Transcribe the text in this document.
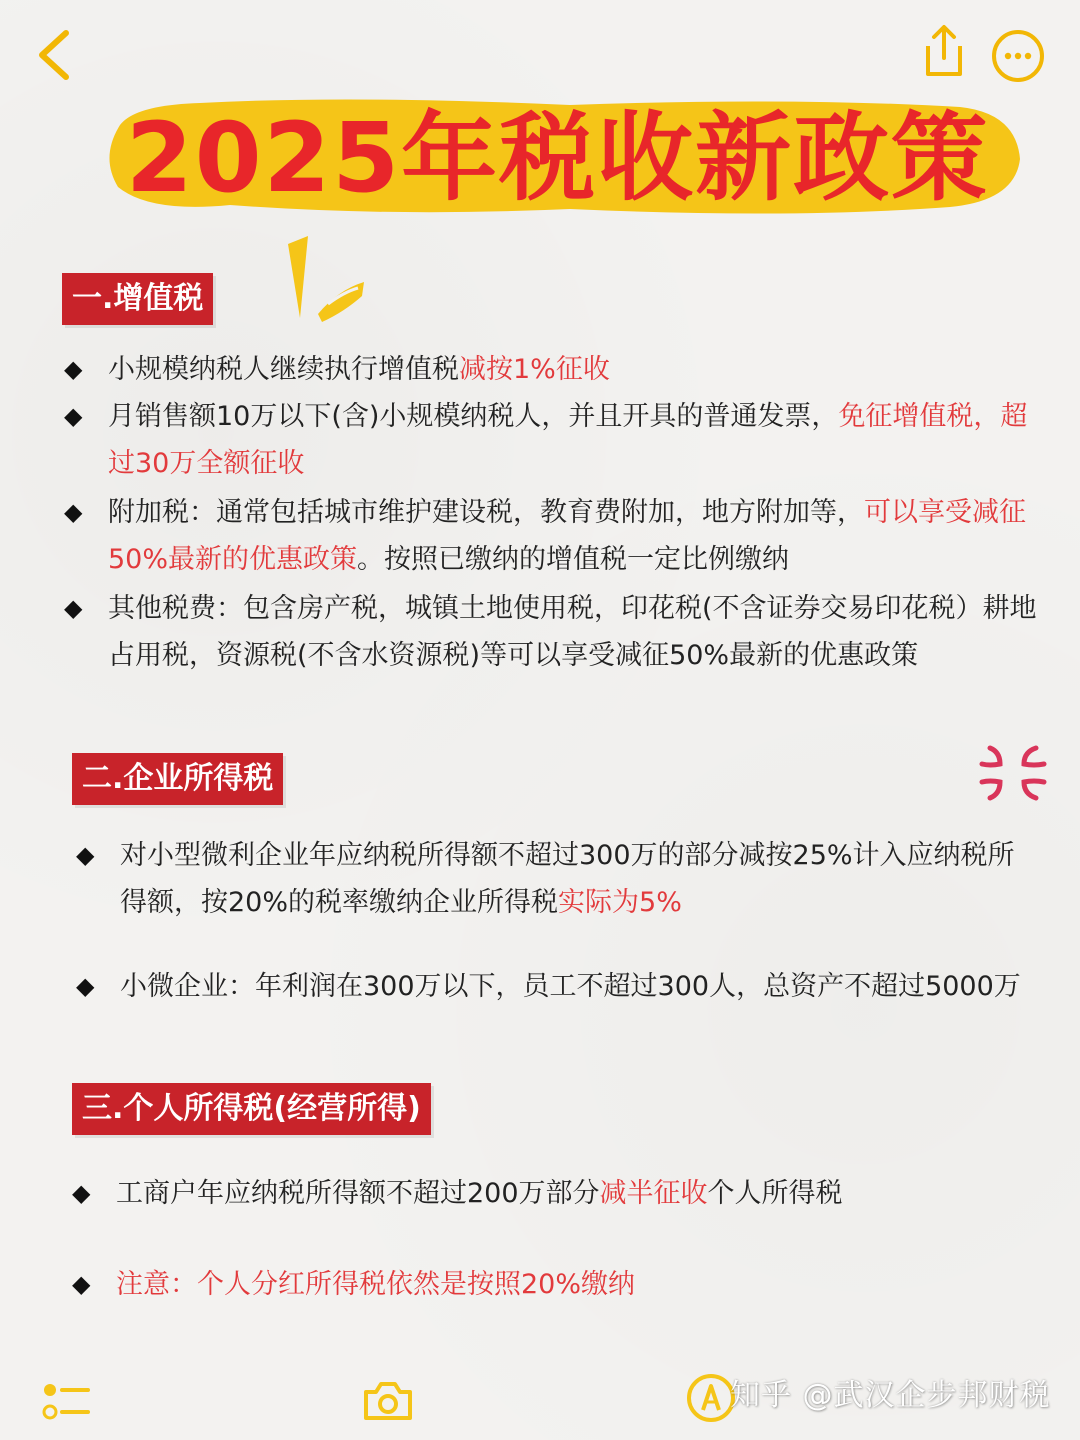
2025年税收新政策
一.增值税
◆ 小规模纳税人继续执行增值税减按1%征收
◆ 月销售额10万以下(含)小规模纳税人，并且开具的普通发票，免征增值税，超过30万全额征收
◆ 附加税：通常包括城市维护建设税，教育费附加，地方附加等，可以享受减征50%最新的优惠政策。按照已缴纳的增值税一定比例缴纳
◆ 其他税费：包含房产税，城镇土地使用税，印花税(不含证券交易印花税）耕地占用税，资源税(不含水资源税)等可以享受减征50%最新的优惠政策
二.企业所得税
◆ 对小型微利企业年应纳税所得额不超过300万的部分减按25%计入应纳税所得额，按20%的税率缴纳企业所得税实际为5%
◆ 小微企业：年利润在300万以下，员工不超过300人，总资产不超过5000万
三.个人所得税(经营所得)
◆ 工商户年应纳税所得额不超过200万部分减半征收个人所得税
◆ 注意：个人分红所得税依然是按照20%缴纳
知乎 @武汉企步邦财税
